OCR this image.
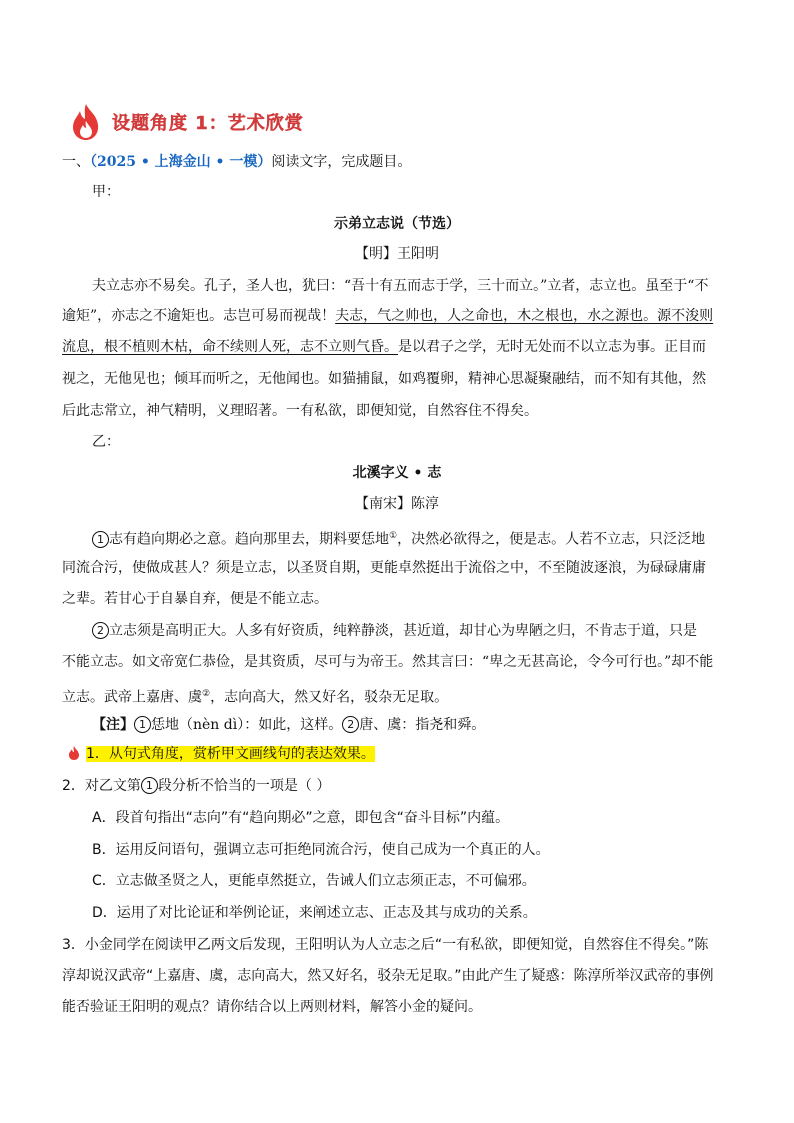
设题角度 1：艺术欣赏
一、（2025 • 上海金山 • 一模）阅读文字，完成题目。
甲：
示弟立志说（节选）
【明】王阳明
夫立志亦不易矣。孔子，圣人也，犹曰：“吾十有五而志于学，三十而立。”立者，志立也。虽至于“不
逾矩”，亦志之不逾矩也。志岂可易而视哉！夫志，气之帅也，人之命也，木之根也，水之源也。源不浚则
流息，根不植则木枯，命不续则人死，志不立则气昏。是以君子之学，无时无处而不以立志为事。正目而
视之，无他见也；倾耳而听之，无他闻也。如猫捕鼠，如鸡覆卵，精神心思凝聚融结，而不知有其他，然
后此志常立，神气精明，义理昭著。一有私欲，即便知觉，自然容住不得矣。
乙：
北溪字义 • 志
【南宋】陈淳
1 志有趋向期必之意。趋向那里去，期料要恁地①，决然必欲得之，便是志。人若不立志，只泛泛地
同流合污，使做成甚人？须是立志，以圣贤自期，更能卓然挺出于流俗之中，不至随波逐浪，为碌碌庸庸
之辈。若甘心于自暴自弃，便是不能立志。
2 立志须是高明正大。人多有好资质，纯粹静淡，甚近道，却甘心为卑陋之归，不肯志于道，只是
不能立志。如文帝宽仁恭俭，是其资质，尽可与为帝王。然其言曰：“卑之无甚高论，令今可行也。”却不能
立志。武帝上嘉唐、虞②，志向高大，然又好名，驳杂无足取。
【注】 1 恁地（nèn dì）：如此，这样。 2 唐、虞：指尧和舜。
1．从句式角度，赏析甲文画线句的表达效果。
2．对乙文第 1 段分析不恰当的一项是（ ）
A．段首句指出“志向”有“趋向期必”之意，即包含“奋斗目标”内蕴。
B．运用反问语句，强调立志可拒绝同流合污，使自己成为一个真正的人。
C．立志做圣贤之人，更能卓然挺立，告诫人们立志须正志，不可偏邪。
D．运用了对比论证和举例论证，来阐述立志、正志及其与成功的关系。
3．小金同学在阅读甲乙两文后发现，王阳明认为人立志之后“一有私欲，即便知觉，自然容住不得矣。”陈
淳却说汉武帝“上嘉唐、虞，志向高大，然又好名，驳杂无足取。”由此产生了疑惑：陈淳所举汉武帝的事例
能否验证王阳明的观点？请你结合以上两则材料，解答小金的疑问。
